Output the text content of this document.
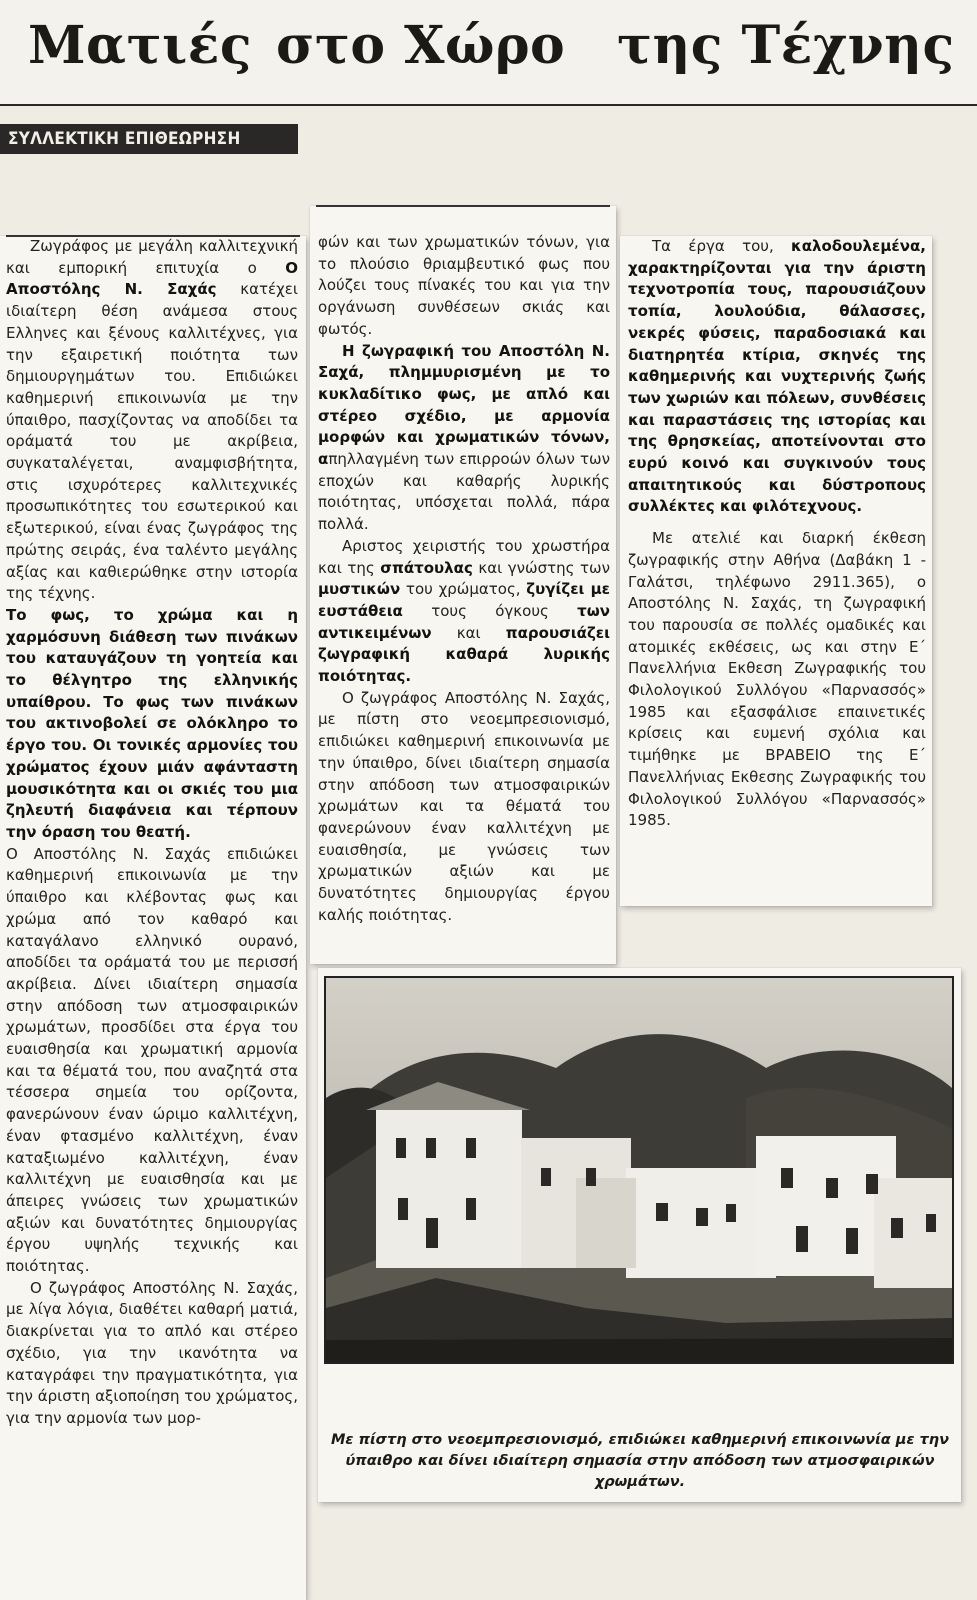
Ματιές στο Χώρο της Τέχνης
ΣΥΛΛΕΚΤΙΚΗ ΕΠΙΘΕΩΡΗΣΗ

Ζωγράφος με μεγάλη καλλιτεχνική και εμπορική επιτυχία ο Ο Αποστόλης Ν. Σαχάς κατέχει ιδιαίτερη θέση ανάμεσα στους Ελληνες και ξένους καλλιτέχνες, για την εξαιρετική ποιότητα των δημιουργημάτων του. Επιδιώκει καθημερινή επικοινωνία με την ύπαιθρο, πασχίζοντας να αποδίδει τα οράματά του με ακρίβεια, συγκαταλέγεται, αναμφισβήτητα, στις ισχυρότερες καλλιτεχνικές προσωπικότητες του εσωτερικού και εξωτερικού, είναι ένας ζωγράφος της πρώτης σειράς, ένα ταλέντο μεγάλης αξίας και καθιερώθηκε στην ιστορία της τέχνης.

Το φως, το χρώμα και η χαρμόσυνη διάθεση των πινάκων του καταυγάζουν τη γοητεία και το θέλγητρο της ελληνικής υπαίθρου. Το φως των πινάκων του ακτινοβολεί σε ολόκληρο το έργο του. Οι τονικές αρμονίες του χρώματος έχουν μιάν αφάνταστη μουσικότητα και οι σκιές του μια ζηλευτή διαφάνεια και τέρπουν την όραση του θεατή.

Ο Αποστόλης Ν. Σαχάς επιδιώκει καθημερινή επικοινωνία με την ύπαιθρο και κλέβοντας φως και χρώμα από τον καθαρό και καταγάλανο ελληνικό ουρανό, αποδίδει τα οράματά του με περισσή ακρίβεια. Δίνει ιδιαίτερη σημασία στην απόδοση των ατμοσφαιρικών χρωμάτων, προσδίδει στα έργα του ευαισθησία και χρωματική αρμονία και τα θέματά του, που αναζητά στα τέσσερα σημεία του ορίζοντα, φανερώνουν έναν ώριμο καλλιτέχνη, έναν φτασμένο καλλιτέχνη, έναν καταξιωμένο καλλιτέχνη, έναν καλλιτέχνη με ευαισθησία και με άπειρες γνώσεις των χρωματικών αξιών και δυνατότητες δημιουργίας έργου υψηλής τεχνικής και ποιότητας.

Ο ζωγράφος Αποστόλης Ν. Σαχάς, με λίγα λόγια, διαθέτει καθαρή ματιά, διακρίνεται για το απλό και στέρεο σχέδιο, για την ικανότητα να καταγράφει την πραγματικότητα, για την άριστη αξιοποίηση του χρώματος, για την αρμονία των μορ-

φών και των χρωματικών τόνων, για το πλούσιο θριαμβευτικό φως που λούζει τους πίνακές του και για την οργάνωση συνθέσεων σκιάς και φωτός.

Η ζωγραφική του Αποστόλη Ν. Σαχά, πλημμυρισμένη με το κυκλαδίτικο φως, με απλό και στέρεο σχέδιο, με αρμονία μορφών και χρωματικών τόνων, απηλλαγμένη των επιρροών όλων των εποχών και καθαρής λυρικής ποιότητας, υπόσχεται πολλά, πάρα πολλά.

Αριστος χειριστής του χρωστήρα και της σπάτουλας και γνώστης των μυστικών του χρώματος, ζυγίζει με ευστάθεια τους όγκους των αντικειμένων και παρουσιάζει ζωγραφική καθαρά λυρικής ποιότητας.

Ο ζωγράφος Αποστόλης Ν. Σαχάς, με πίστη στο νεοεμπρεσιονισμό, επιδιώκει καθημερινή επικοινωνία με την ύπαιθρο, δίνει ιδιαίτερη σημασία στην απόδοση των ατμοσφαιρικών χρωμάτων και τα θέματά του φανερώνουν έναν καλλιτέχνη με ευαισθησία, με γνώσεις των χρωματικών αξιών και με δυνατότητες δημιουργίας έργου καλής ποιότητας.

Τα έργα του, καλοδουλεμένα, χαρακτηρίζονται για την άριστη τεχνοτροπία τους, παρουσιάζουν τοπία, λουλούδια, θάλασσες, νεκρές φύσεις, παραδοσιακά και διατηρητέα κτίρια, σκηνές της καθημερινής και νυχτερινής ζωής των χωριών και πόλεων, συνθέσεις και παραστάσεις της ιστορίας και της θρησκείας, αποτείνονται στο ευρύ κοινό και συγκινούν τους απαιτητικούς και δύστροπους συλλέκτες και φιλότεχνους.

Με ατελιέ και διαρκή έκθεση ζωγραφικής στην Αθήνα (Δαβάκη 1 - Γαλάτσι, τηλέφωνο 2911.365), ο Αποστόλης Ν. Σαχάς, τη ζωγραφική του παρουσία σε πολλές ομαδικές και ατομικές εκθέσεις, ως και στην Ε΄ Πανελλήνια Εκθεση Ζωγραφικής του Φιλολογικού Συλλόγου «Παρνασσός» 1985 και εξασφάλισε επαινετικές κρίσεις και ευμενή σχόλια και τιμήθηκε με ΒΡΑΒΕΙΟ της Ε΄ Πανελλήνιας Εκθεσης Ζωγραφικής του Φιλολογικού Συλλόγου «Παρνασσός» 1985.

Με πίστη στο νεοεμπρεσιονισμό, επιδιώκει καθημερινή επικοινωνία με την ύπαιθρο και δίνει ιδιαίτερη σημασία στην απόδοση των ατμοσφαιρικών χρωμάτων.
